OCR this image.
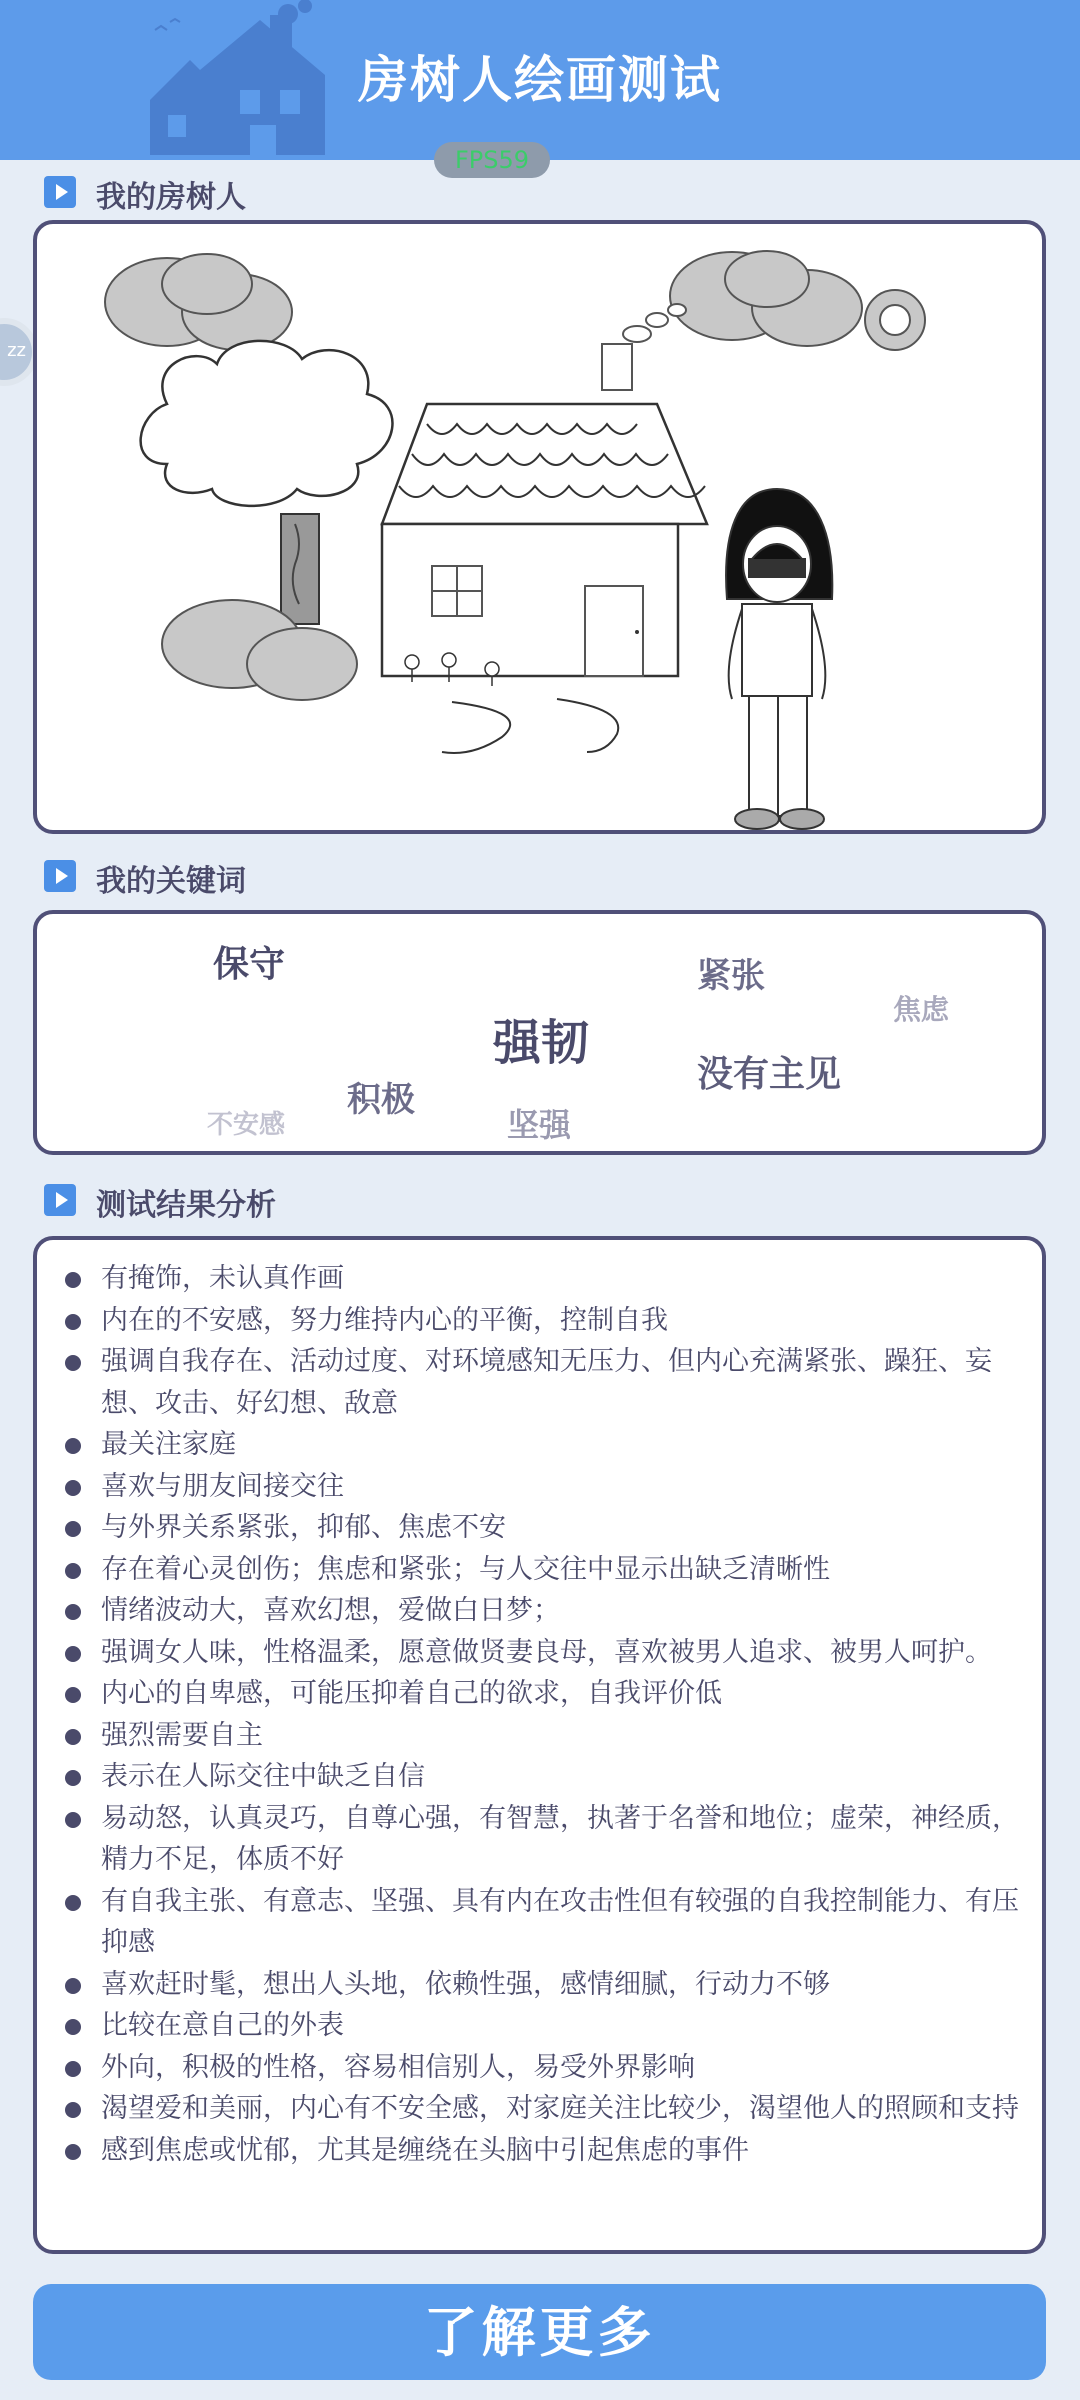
房树人绘画测试
FPS59
zz
我的房树人
我的关键词
保守	紧张
焦虑
强韧
没有主见
积极
不安感	坚强
测试结果分析
有掩饰，未认真作画
内在的不安感，努力维持内心的平衡，控制自我
强调自我存在、活动过度、对环境感知无压力、但内心充满紧张、躁狂、妄想、攻击、好幻想、敌意
最关注家庭
喜欢与朋友间接交往
与外界关系紧张，抑郁、焦虑不安
存在着心灵创伤；焦虑和紧张；与人交往中显示出缺乏清晰性
情绪波动大，喜欢幻想，爱做白日梦；
强调女人味，性格温柔，愿意做贤妻良母，喜欢被男人追求、被男人呵护。
内心的自卑感，可能压抑着自己的欲求，自我评价低
强烈需要自主
表示在人际交往中缺乏自信
易动怒，认真灵巧，自尊心强，有智慧，执著于名誉和地位；虚荣，神经质，精力不足，体质不好
有自我主张、有意志、坚强、具有内在攻击性但有较强的自我控制能力、有压抑感
喜欢赶时髦，想出人头地，依赖性强，感情细腻，行动力不够
比较在意自己的外表
外向，积极的性格，容易相信别人，易受外界影响
渴望爱和美丽，内心有不安全感，对家庭关注比较少，渴望他人的照顾和支持
感到焦虑或忧郁，尤其是缠绕在头脑中引起焦虑的事件
了解更多
